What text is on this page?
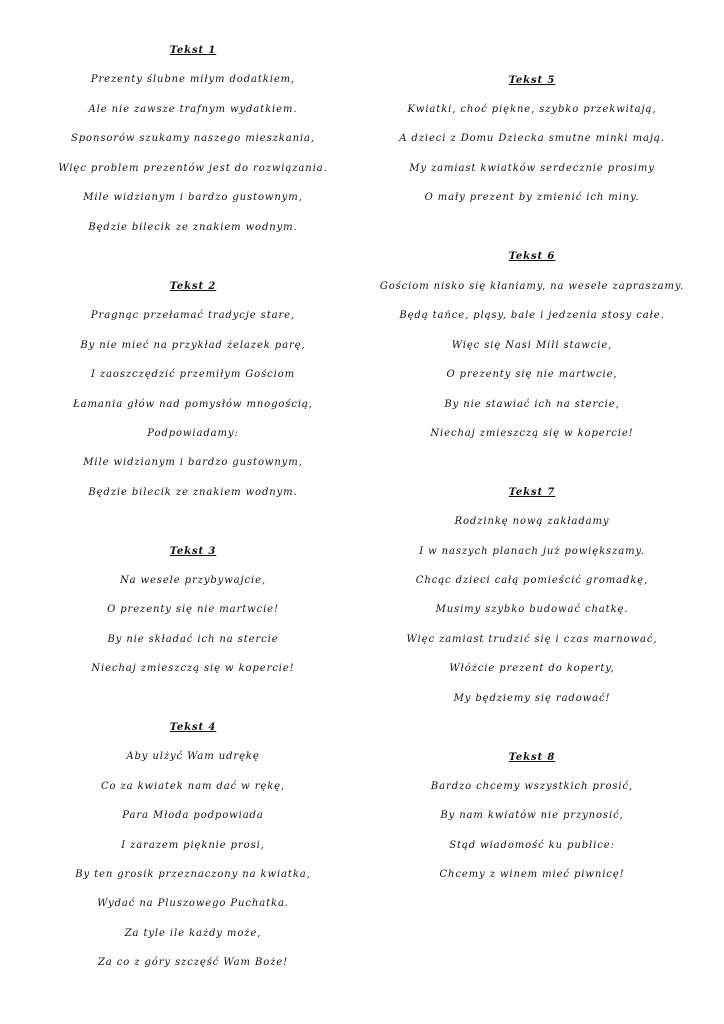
Tekst 1
Prezenty ślubne miłym dodatkiem,
Ale nie zawsze trafnym wydatkiem.
Sponsorów szukamy naszego mieszkania,
Więc problem prezentów jest do rozwiązania.
Mile widzianym i bardzo gustownym,
Będzie bilecik ze znakiem wodnym.
Tekst 2
Pragnąc przełamać tradycje stare,
By nie mieć na przykład żelazek parę,
I zaoszczędzić przemiłym Gościom
Łamania głów nad pomysłów mnogością,
Podpowiadamy:
Mile widzianym i bardzo gustownym,
Będzie bilecik ze znakiem wodnym.
Tekst 3
Na wesele przybywajcie,
O prezenty się nie martwcie!
By nie składać ich na stercie
Niechaj zmieszczą się w kopercie!
Tekst 4
Aby ulżyć Wam udrękę
Co za kwiatek nam dać w rękę,
Para Młoda podpowiada
I zarazem pięknie prosi,
By ten grosik przeznaczony na kwiatka,
Wydać na Pluszowego Puchatka.
Za tyle ile każdy może,
Za co z góry szczęść Wam Boże!
Tekst 5
Kwiatki, choć piękne, szybko przekwitają,
A dzieci z Domu Dziecka smutne minki mają.
My zamiast kwiatków serdecznie prosimy
O mały prezent by zmienić ich miny.
Tekst 6
Gościom nisko się kłaniamy, na wesele zapraszamy.
Będą tańce, pląsy, bale i jedzenia stosy całe.
Więc się Nasi Mili stawcie,
O prezenty się nie martwcie,
By nie stawiać ich na stercie,
Niechaj zmieszczą się w kopercie!
Tekst 7
Rodzinkę nową zakładamy
I w naszych planach już powiększamy.
Chcąc dzieci całą pomieścić gromadkę,
Musimy szybko budować chatkę.
Więc zamiast trudzić się i czas marnować,
Włóżcie prezent do koperty,
My będziemy się radować!
Tekst 8
Bardzo chcemy wszystkich prosić,
By nam kwiatów nie przynosić,
Stąd wiadomość ku publice:
Chcemy z winem mieć piwnicę!
